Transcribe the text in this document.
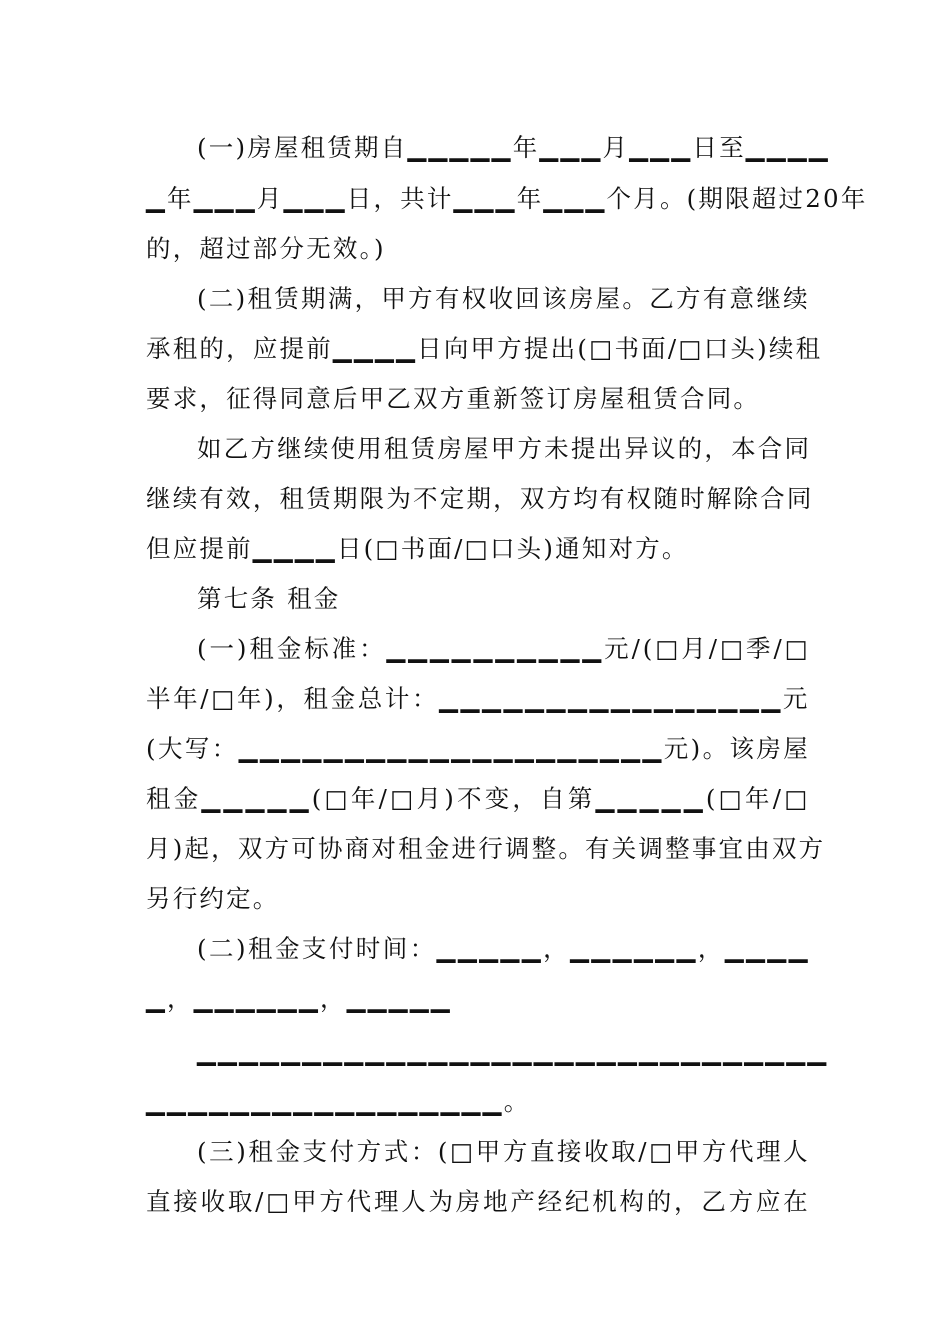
( 一 ) 房 屋 租 赁 期 自 ▁ ▁ ▁ ▁ ▁ 年 ▁ ▁ ▁ 月 ▁ ▁ ▁ 日 至 ▁ ▁ ▁ ▁
▁ 年 ▁ ▁ ▁ 月 ▁ ▁ ▁ 日 ， 共 计 ▁ ▁ ▁ 年 ▁ ▁ ▁ 个 月 。 ( 期 限 超 过 2 0 年
的，超过部分无效。)
( 二 ) 租 赁 期 满 ， 甲 方 有 权 收 回 该 房 屋 。 乙 方 有 意 继 续
承 租 的 ， 应 提 前 ▁ ▁ ▁ ▁ 日 向 甲 方 提 出 ( □ 书 面 / □ 口 头 ) 续 租
要求，征得同意后甲乙双方重新签订房屋租赁合同。
如 乙 方 继 续 使 用 租 赁 房 屋 甲 方 未 提 出 异 议 的 ， 本 合 同
继 续 有 效 ， 租 赁 期 限 为 不 定 期 ， 双 方 均 有 权 随 时 解 除 合 同
但应提前▁▁▁▁日(□书面/□口头)通知对方。
第七条 租金
( 一 ) 租 金 标 准 ： ▁ ▁ ▁ ▁ ▁ ▁ ▁ ▁ ▁ ▁ 元 / ( □ 月 / □ 季 / □
半 年 / □ 年 ) ， 租 金 总 计 ： ▁ ▁ ▁ ▁ ▁ ▁ ▁ ▁ ▁ ▁ ▁ ▁ ▁ ▁ ▁ ▁ 元
( 大 写 ： ▁ ▁ ▁ ▁ ▁ ▁ ▁ ▁ ▁ ▁ ▁ ▁ ▁ ▁ ▁ ▁ ▁ ▁ ▁ ▁ 元 ) 。 该 房 屋
租 金 ▁ ▁ ▁ ▁ ▁ ( □ 年 / □ 月 ) 不 变 ， 自 第 ▁ ▁ ▁ ▁ ▁ ( □ 年 / □
月 ) 起 ， 双 方 可 协 商 对 租 金 进 行 调 整 。 有 关 调 整 事 宜 由 双 方
另行约定。
( 二 ) 租 金 支 付 时 间 ： ▁ ▁ ▁ ▁ ▁ ， ▁ ▁ ▁ ▁ ▁ ▁ ， ▁ ▁ ▁ ▁
▁，▁▁▁▁▁▁，▁▁▁▁▁
▁ ▁ ▁ ▁ ▁ ▁ ▁ ▁ ▁ ▁ ▁ ▁ ▁ ▁ ▁ ▁ ▁ ▁ ▁ ▁ ▁ ▁ ▁ ▁ ▁ ▁ ▁ ▁ ▁ ▁
▁▁▁▁▁▁▁▁▁▁▁▁▁▁▁▁▁。
( 三 ) 租 金 支 付 方 式 ： ( □ 甲 方 直 接 收 取 / □ 甲 方 代 理 人
直 接 收 取 / □ 甲 方 代 理 人 为 房 地 产 经 纪 机 构 的 ， 乙 方 应 在
